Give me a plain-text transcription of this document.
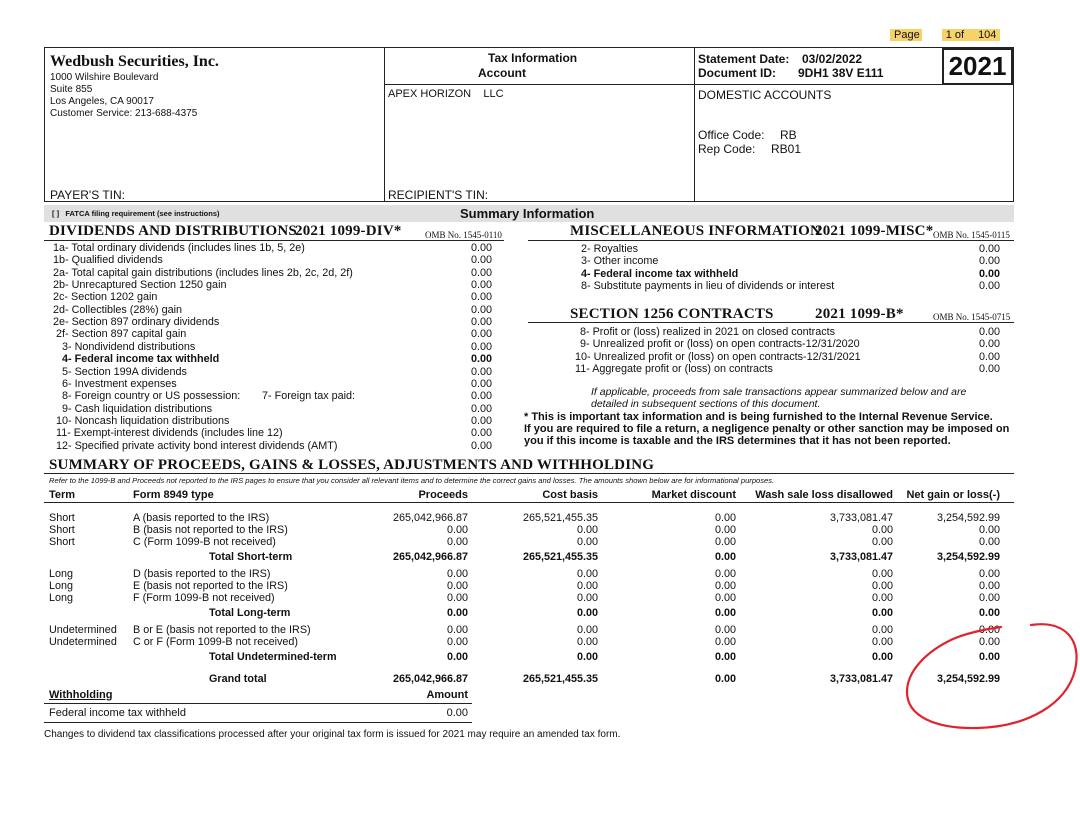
Page 1 of 104
2021
Wedbush Securities, Inc.
1000 Wilshire Boulevard
Suite 855
Los Angeles, CA 90017
Customer Service: 213-688-4375
PAYER'S TIN:
Tax Information
Account
APEX HORIZON    LLC
RECIPIENT'S TIN:
Statement Date: 03/02/2022
Document ID: 9DH1 38V E111
DOMESTIC ACCOUNTS
Office Code: RB
Rep Code: RB01
[ ]   FATCA filing requirement (see instructions)	Summary Information
DIVIDENDS AND DISTRIBUTIONS
2021 1099-DIV*	OMB No. 1545-0110
1a- Total ordinary dividends (includes lines 1b, 5, 2e)	0.00
1b- Qualified dividends	0.00
2a- Total capital gain distributions (includes lines 2b, 2c, 2d, 2f)	0.00
2b- Unrecaptured Section 1250 gain	0.00
2c- Section 1202 gain	0.00
2d- Collectibles (28%) gain	0.00
2e- Section 897 ordinary dividends	0.00
2f- Section 897 capital gain	0.00
3- Nondividend distributions	0.00
4- Federal income tax withheld	0.00
5- Section 199A dividends	0.00
6- Investment expenses	0.00
8- Foreign country or US possession: 7- Foreign tax paid:	0.00
9- Cash liquidation distributions	0.00
10- Noncash liquidation distributions	0.00
11- Exempt-interest dividends (includes line 12)	0.00
12- Specified private activity bond interest dividends (AMT)	0.00
MISCELLANEOUS INFORMATION
2021 1099-MISC* OMB No. 1545-0115
2- Royalties	0.00
3- Other income	0.00
4- Federal income tax withheld	0.00
8- Substitute payments in lieu of dividends or interest	0.00
SECTION 1256 CONTRACTS	2021 1099-B*	OMB No. 1545-0715
8- Profit or (loss) realized in 2021 on closed contracts	0.00
9- Unrealized profit or (loss) on open contracts-12/31/2020	0.00
10- Unrealized profit or (loss) on open contracts-12/31/2021	0.00
11- Aggregate profit or (loss) on contracts	0.00
If applicable, proceeds from sale transactions appear summarized below and are
detailed in subsequent sections of this document.
* This is important tax information and is being furnished to the Internal Revenue Service.
If you are required to file a return, a negligence penalty or other sanction may be imposed on
you if this income is taxable and the IRS determines that it has not been reported.
SUMMARY OF PROCEEDS, GAINS & LOSSES, ADJUSTMENTS AND WITHHOLDING
Refer to the 1099-B and Proceeds not reported to the IRS pages to ensure that you consider all relevant items and to determine the correct gains and losses. The amounts shown below are for informational purposes.
Term	Form 8949 type	Proceeds	Cost basis	Market discount	Wash sale loss disallowed	Net gain or loss(-)
Short	A (basis reported to the IRS)	265,042,966.87	265,521,455.35	0.00	3,733,081.47	3,254,592.99
Short	B (basis not reported to the IRS)	0.00	0.00	0.00	0.00	0.00
Short	C (Form 1099-B not received)	0.00	0.00	0.00	0.00	0.00
Total Short-term	265,042,966.87	265,521,455.35	0.00	3,733,081.47	3,254,592.99
Long	D (basis reported to the IRS)	0.00	0.00	0.00	0.00	0.00
Long	E (basis not reported to the IRS)	0.00	0.00	0.00	0.00	0.00
Long	F (Form 1099-B not received)	0.00	0.00	0.00	0.00	0.00
Total Long-term	0.00	0.00	0.00	0.00	0.00
Undetermined B or E (basis not reported to the IRS)	0.00	0.00	0.00	0.00	0.00
Undetermined C or F (Form 1099-B not received)	0.00	0.00	0.00	0.00	0.00
Total Undetermined-term	0.00	0.00	0.00	0.00	0.00
Grand total	265,042,966.87	265,521,455.35	0.00	3,733,081.47	3,254,592.99
Withholding	Amount
Federal income tax withheld	0.00
Changes to dividend tax classifications processed after your original tax form is issued for 2021 may require an amended tax form.
